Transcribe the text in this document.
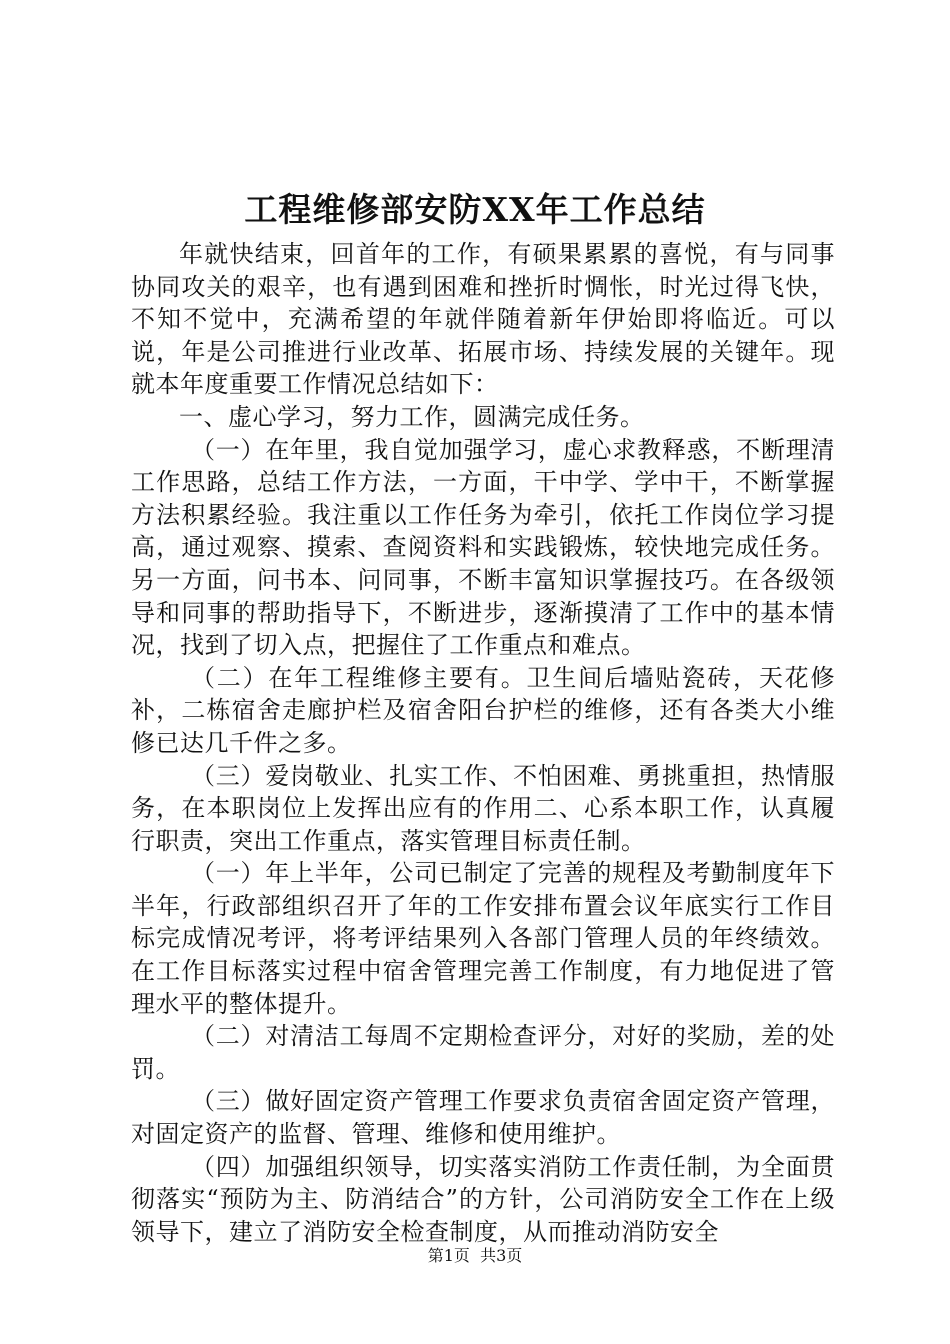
工程维修部安防XX年工作总结

年就快结束，回首年的工作，有硕果累累的喜悦，有与同事协同攻关的艰辛，也有遇到困难和挫折时惆怅，时光过得飞快，不知不觉中，充满希望的年就伴随着新年伊始即将临近。可以说，年是公司推进行业改革、拓展市场、持续发展的关键年。现就本年度重要工作情况总结如下：

一、虚心学习，努力工作，圆满完成任务。

（一）在年里，我自觉加强学习，虚心求教释惑，不断理清工作思路，总结工作方法，一方面，干中学、学中干，不断掌握方法积累经验。我注重以工作任务为牵引，依托工作岗位学习提高，通过观察、摸索、查阅资料和实践锻炼，较快地完成任务。另一方面，问书本、问同事，不断丰富知识掌握技巧。在各级领导和同事的帮助指导下，不断进步，逐渐摸清了工作中的基本情况，找到了切入点，把握住了工作重点和难点。

（二）在年工程维修主要有。卫生间后墙贴瓷砖，天花修补，二栋宿舍走廊护栏及宿舍阳台护栏的维修，还有各类大小维修已达几千件之多。

（三）爱岗敬业、扎实工作、不怕困难、勇挑重担，热情服务，在本职岗位上发挥出应有的作用二、心系本职工作，认真履行职责，突出工作重点，落实管理目标责任制。

（一）年上半年，公司已制定了完善的规程及考勤制度年下半年，行政部组织召开了年的工作安排布置会议年底实行工作目标完成情况考评，将考评结果列入各部门管理人员的年终绩效。在工作目标落实过程中宿舍管理完善工作制度，有力地促进了管理水平的整体提升。

（二）对清洁工每周不定期检查评分，对好的奖励，差的处罚。

（三）做好固定资产管理工作要求负责宿舍固定资产管理，对固定资产的监督、管理、维修和使用维护。

（四）加强组织领导，切实落实消防工作责任制，为全面贯彻落实“预防为主、防消结合”的方针，公司消防安全工作在上级领导下，建立了消防安全检查制度，从而推动消防安全

第1页 共3页
